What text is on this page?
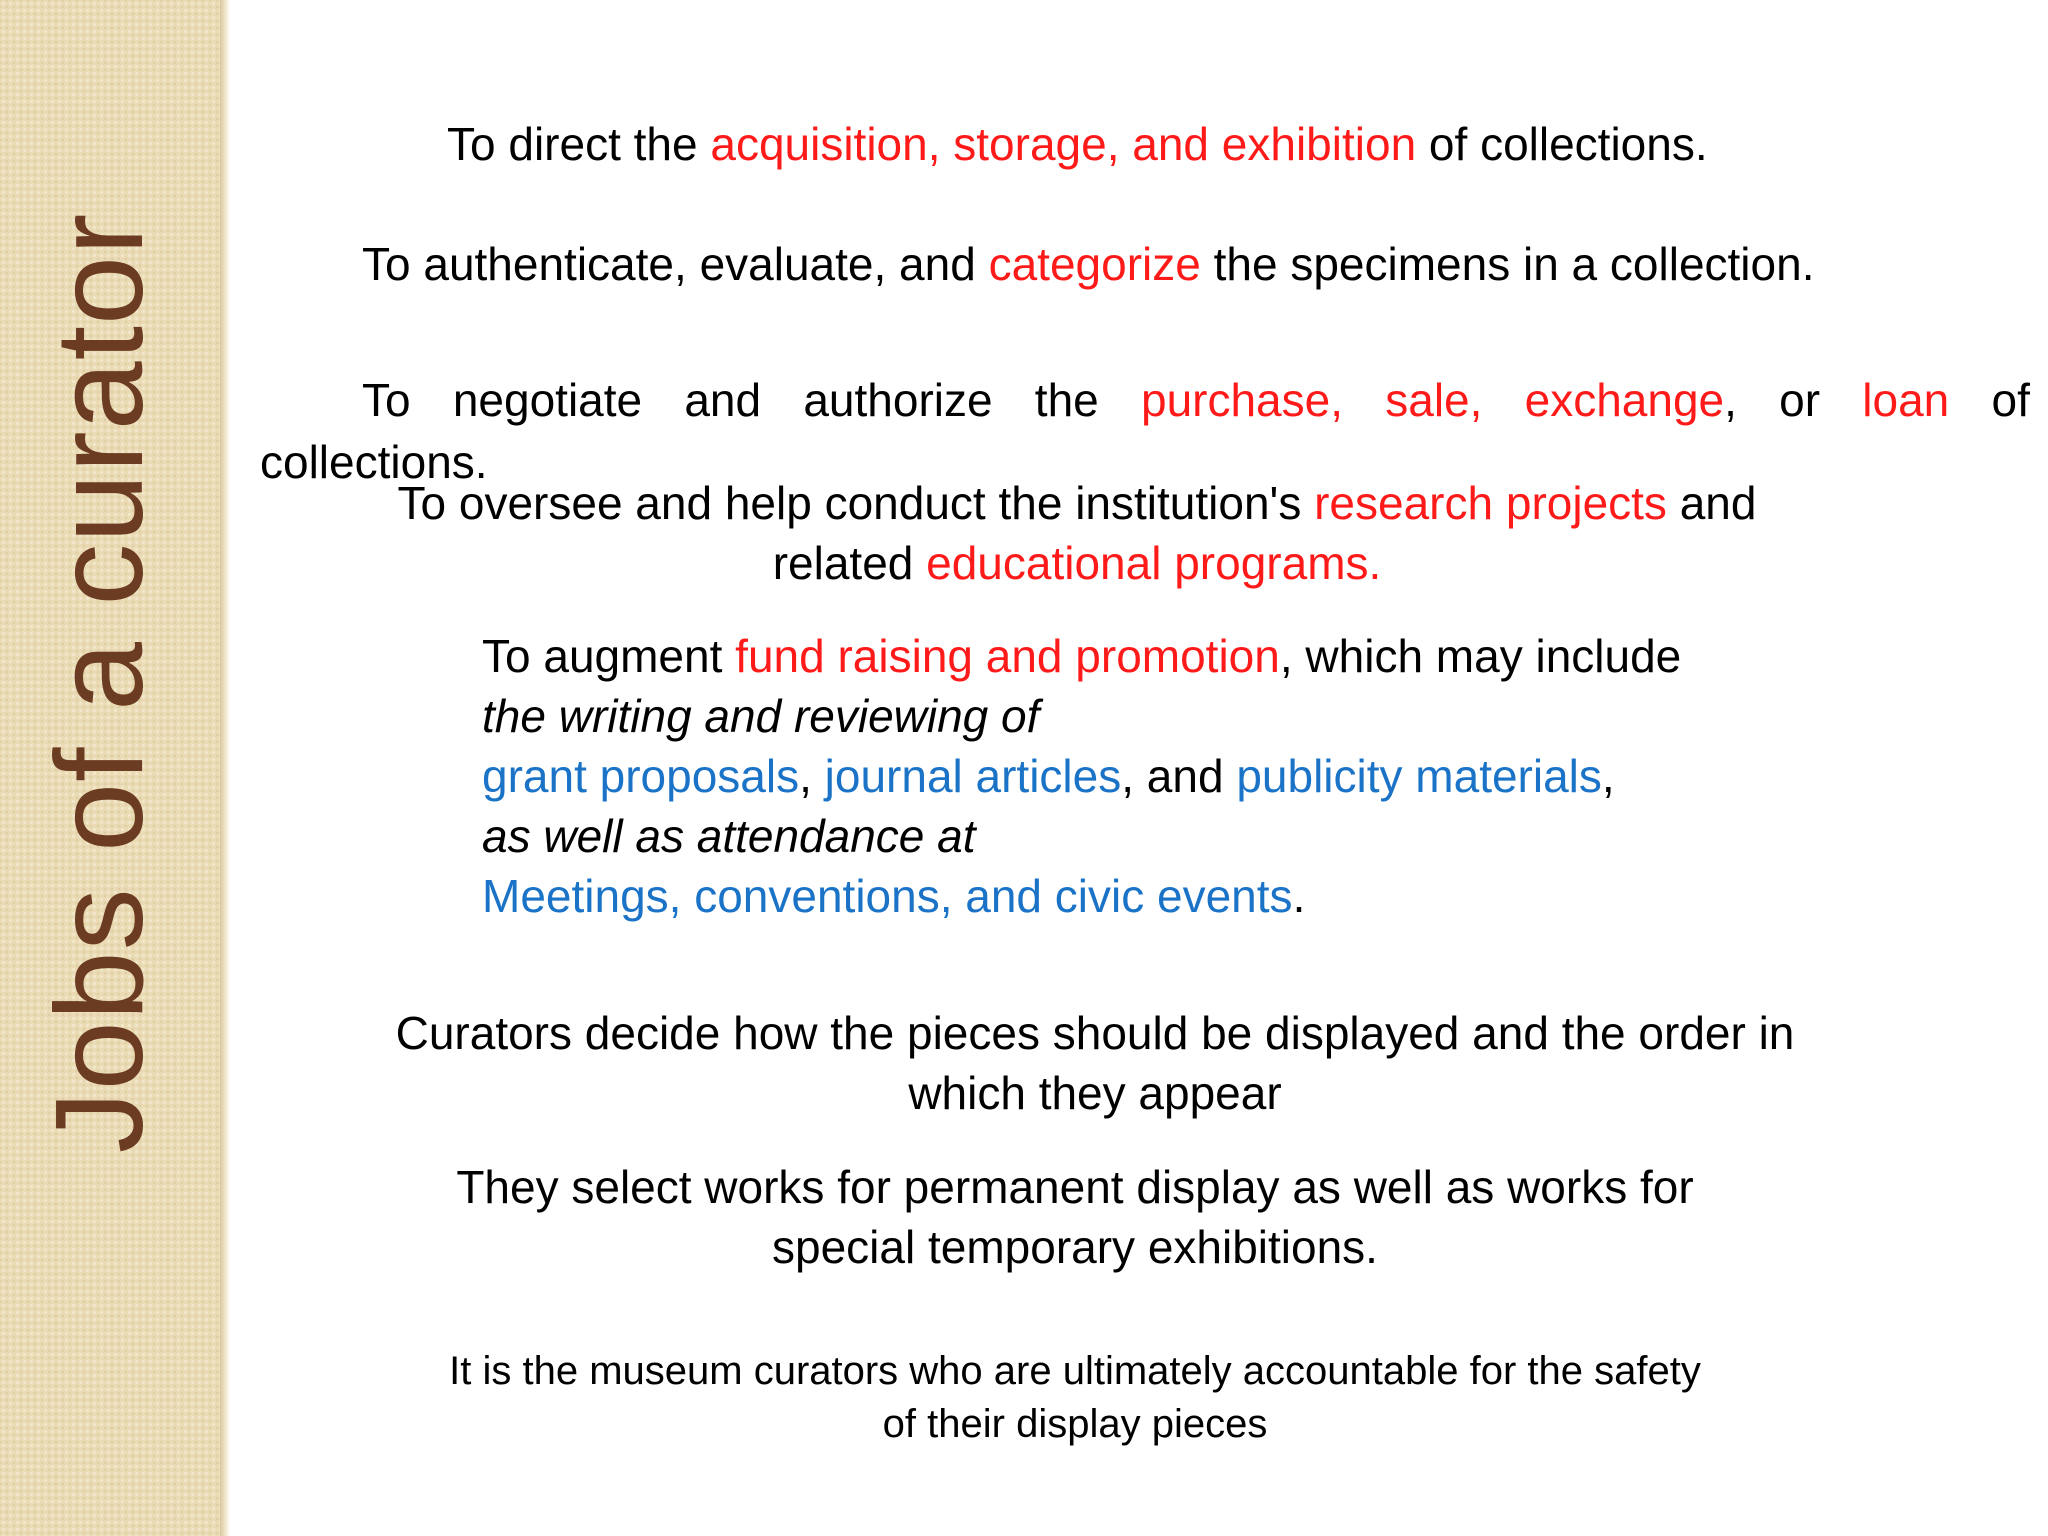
Jobs of a curator
To direct the acquisition, storage, and exhibition of collections.
To authenticate, evaluate, and categorize the specimens in a collection.
To negotiate and authorize the purchase, sale, exchange, or loan of
collections.
To oversee and help conduct the institution's research projects and
related educational programs.
To augment fund raising and promotion, which may include
the writing and reviewing of
grant proposals, journal articles, and publicity materials,
as well as attendance at
Meetings, conventions, and civic events.
Curators decide how the pieces should be displayed and the order in
which they appear
They select works for permanent display as well as works for
special temporary exhibitions.
It is the museum curators who are ultimately accountable for the safety
of their display pieces
